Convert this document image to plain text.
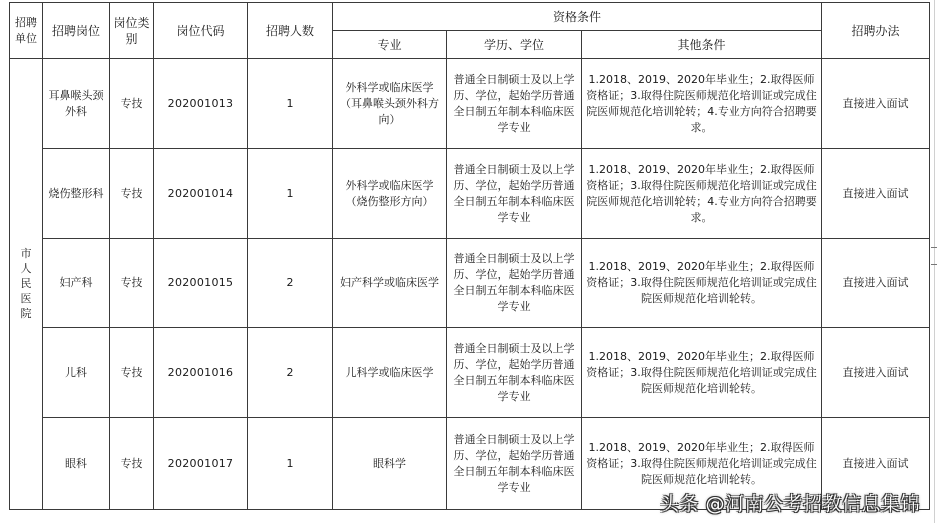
招聘单位	招聘岗位	岗位类别	岗位代码	招聘人数	资格条件			招聘办法
					专业	学历、学位	其他条件	
市人民医院	耳鼻喉头颈外科	专技	202001013	1	外科学或临床医学（耳鼻喉头颈外科方向）	普通全日制硕士及以上学历、学位，起始学历普通全日制五年制本科临床医学专业	1.2018、2019、2020年毕业生；2.取得医师资格证；3.取得住院医师规范化培训证或完成住院医师规范化培训轮转；4.专业方向符合招聘要求。	直接进入面试
	烧伤整形科	专技	202001014	1	外科学或临床医学（烧伤整形方向）	普通全日制硕士及以上学历、学位，起始学历普通全日制五年制本科临床医学专业	1.2018、2019、2020年毕业生；2.取得医师资格证；3.取得住院医师规范化培训证或完成住院医师规范化培训轮转；4.专业方向符合招聘要求。	直接进入面试
	妇产科	专技	202001015	2	妇产科学或临床医学	普通全日制硕士及以上学历、学位，起始学历普通全日制五年制本科临床医学专业	1.2018、2019、2020年毕业生；2.取得医师资格证；3.取得住院医师规范化培训证或完成住院医师规范化培训轮转。	直接进入面试
	儿科	专技	202001016	2	儿科学或临床医学	普通全日制硕士及以上学历、学位，起始学历普通全日制五年制本科临床医学专业	1.2018、2019、2020年毕业生；2.取得医师资格证；3.取得住院医师规范化培训证或完成住院医师规范化培训轮转。	直接进入面试
	眼科	专技	202001017	1	眼科学	普通全日制硕士及以上学历、学位，起始学历普通全日制五年制本科临床医学专业	1.2018、2019、2020年毕业生；2.取得医师资格证；3.取得住院医师规范化培训证或完成住院医师规范化培训轮转。	直接进入面试
头条 @河南公考招教信息集锦
